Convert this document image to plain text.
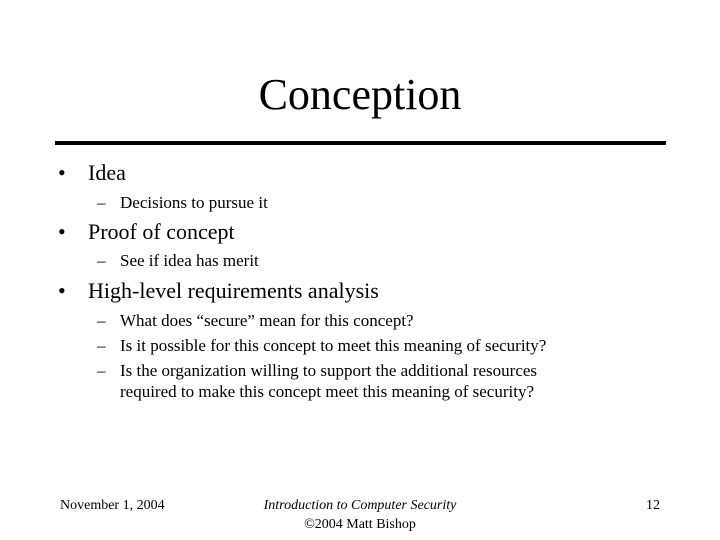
Conception
• Idea
– Decisions to pursue it
• Proof of concept
– See if idea has merit
• High-level requirements analysis
– What does “secure” mean for this concept?
– Is it possible for this concept to meet this meaning of security?
– Is the organization willing to support the additional resources
required to make this concept meet this meaning of security?
November 1, 2004	Introduction to Computer Security
©2004 Matt Bishop
12
